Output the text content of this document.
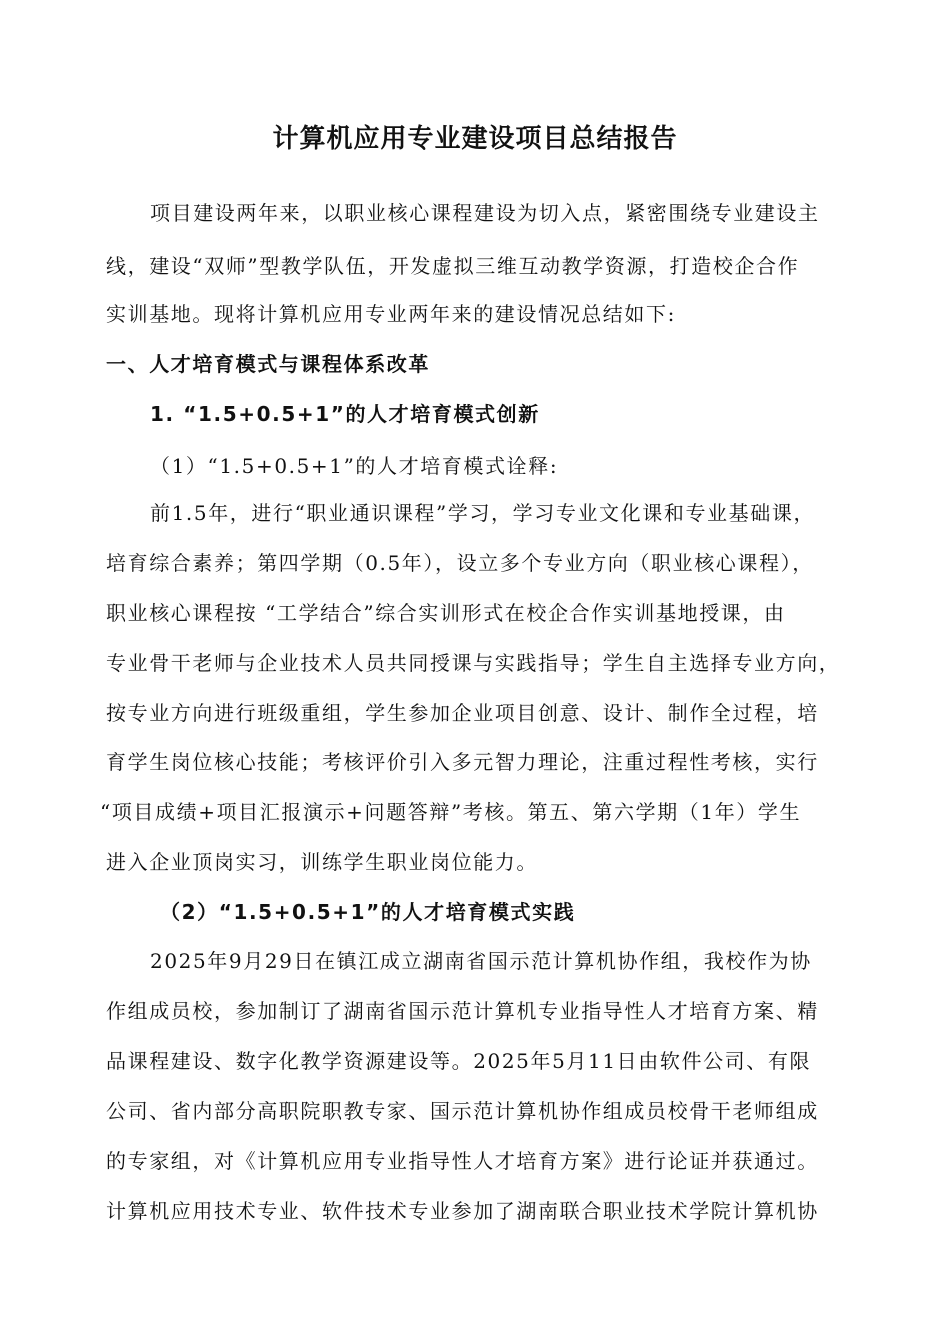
计算机应用专业建设项目总结报告
项目建设两年来，以职业核心课程建设为切入点，紧密围绕专业建设主
线，建设“双师”型教学队伍，开发虚拟三维互动教学资源，打造校企合作
实训基地。现将计算机应用专业两年来的建设情况总结如下:
一、人才培育模式与课程体系改革
1. “1.5+0.5+1”的人才培育模式创新
（1）“1.5+0.5+1”的人才培育模式诠释:
前1.5年，进行“职业通识课程”学习，学习专业文化课和专业基础课，
培育综合素养；第四学期（0.5年），设立多个专业方向（职业核心课程），
职业核心课程按 “工学结合”综合实训形式在校企合作实训基地授课，由
专业骨干老师与企业技术人员共同授课与实践指导；学生自主选择专业方向，
按专业方向进行班级重组，学生参加企业项目创意、设计、制作全过程，培
育学生岗位核心技能；考核评价引入多元智力理论，注重过程性考核，实行
“项目成绩+项目汇报演示+问题答辩”考核。第五、第六学期（1年）学生
进入企业顶岗实习，训练学生职业岗位能力。
（2）“1.5+0.5+1”的人才培育模式实践
2025年9月29日在镇江成立湖南省国示范计算机协作组，我校作为协
作组成员校，参加制订了湖南省国示范计算机专业指导性人才培育方案、精
品课程建设、数字化教学资源建设等。2025年5月11日由软件公司、有限
公司、省内部分高职院职教专家、国示范计算机协作组成员校骨干老师组成
的专家组，对《计算机应用专业指导性人才培育方案》进行论证并获通过。
计算机应用技术专业、软件技术专业参加了湖南联合职业技术学院计算机协
